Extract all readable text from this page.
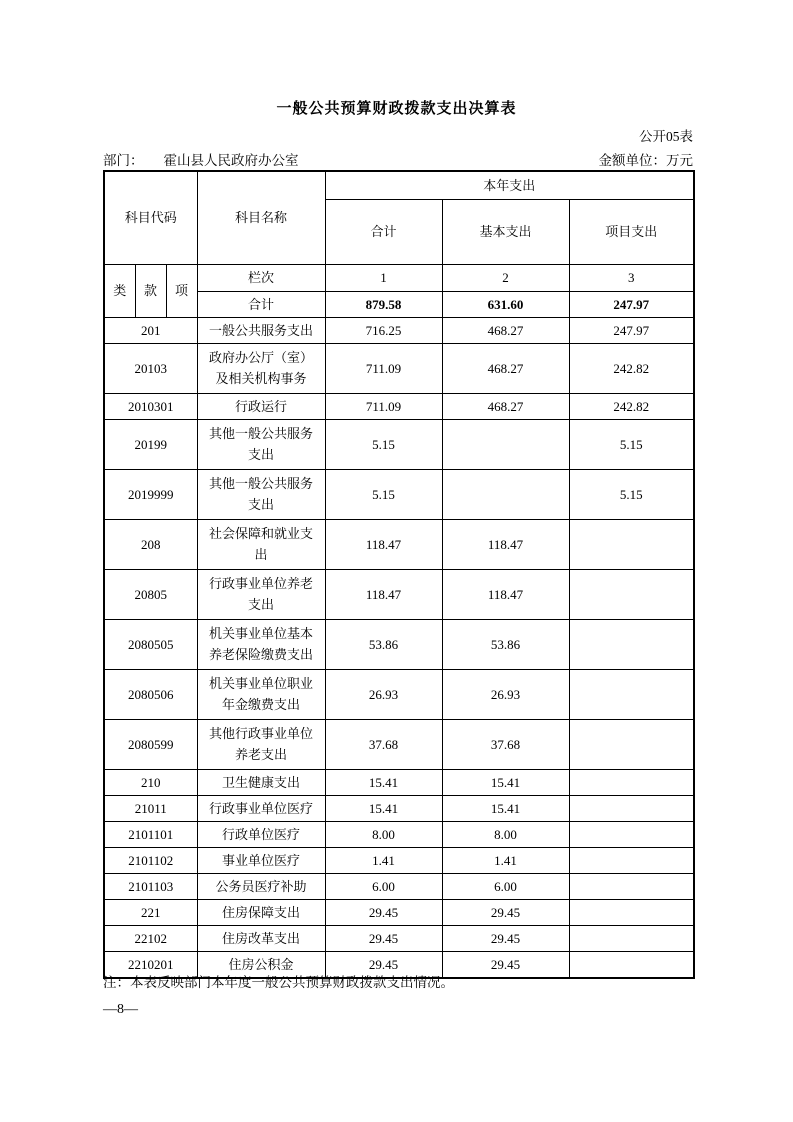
一般公共预算财政拨款支出决算表
公开05表
部门： 霍山县人民政府办公室	金额单位：万元
科目代码			科目名称	本年支出		
				合计	基本支出	项目支出
类	款	项	栏次	1	2	3
			合计	879.58	631.60	247.97
201			一般公共服务支出	716.25	468.27	247.97
20103			政府办公厅（室）及相关机构事务	711.09	468.27	242.82
2010301			行政运行	711.09	468.27	242.82
20199			其他一般公共服务支出	5.15		5.15
2019999			其他一般公共服务支出	5.15		5.15
208			社会保障和就业支出	118.47	118.47	
20805			行政事业单位养老支出	118.47	118.47	
2080505			机关事业单位基本养老保险缴费支出	53.86	53.86	
2080506			机关事业单位职业年金缴费支出	26.93	26.93	
2080599			其他行政事业单位养老支出	37.68	37.68	
210			卫生健康支出	15.41	15.41	
21011			行政事业单位医疗	15.41	15.41	
2101101			行政单位医疗	8.00	8.00	
2101102			事业单位医疗	1.41	1.41	
2101103			公务员医疗补助	6.00	6.00	
221			住房保障支出	29.45	29.45	
22102			住房改革支出	29.45	29.45	
2210201			住房公积金	29.45	29.45	
注：本表反映部门本年度一般公共预算财政拨款支出情况。
—8—
